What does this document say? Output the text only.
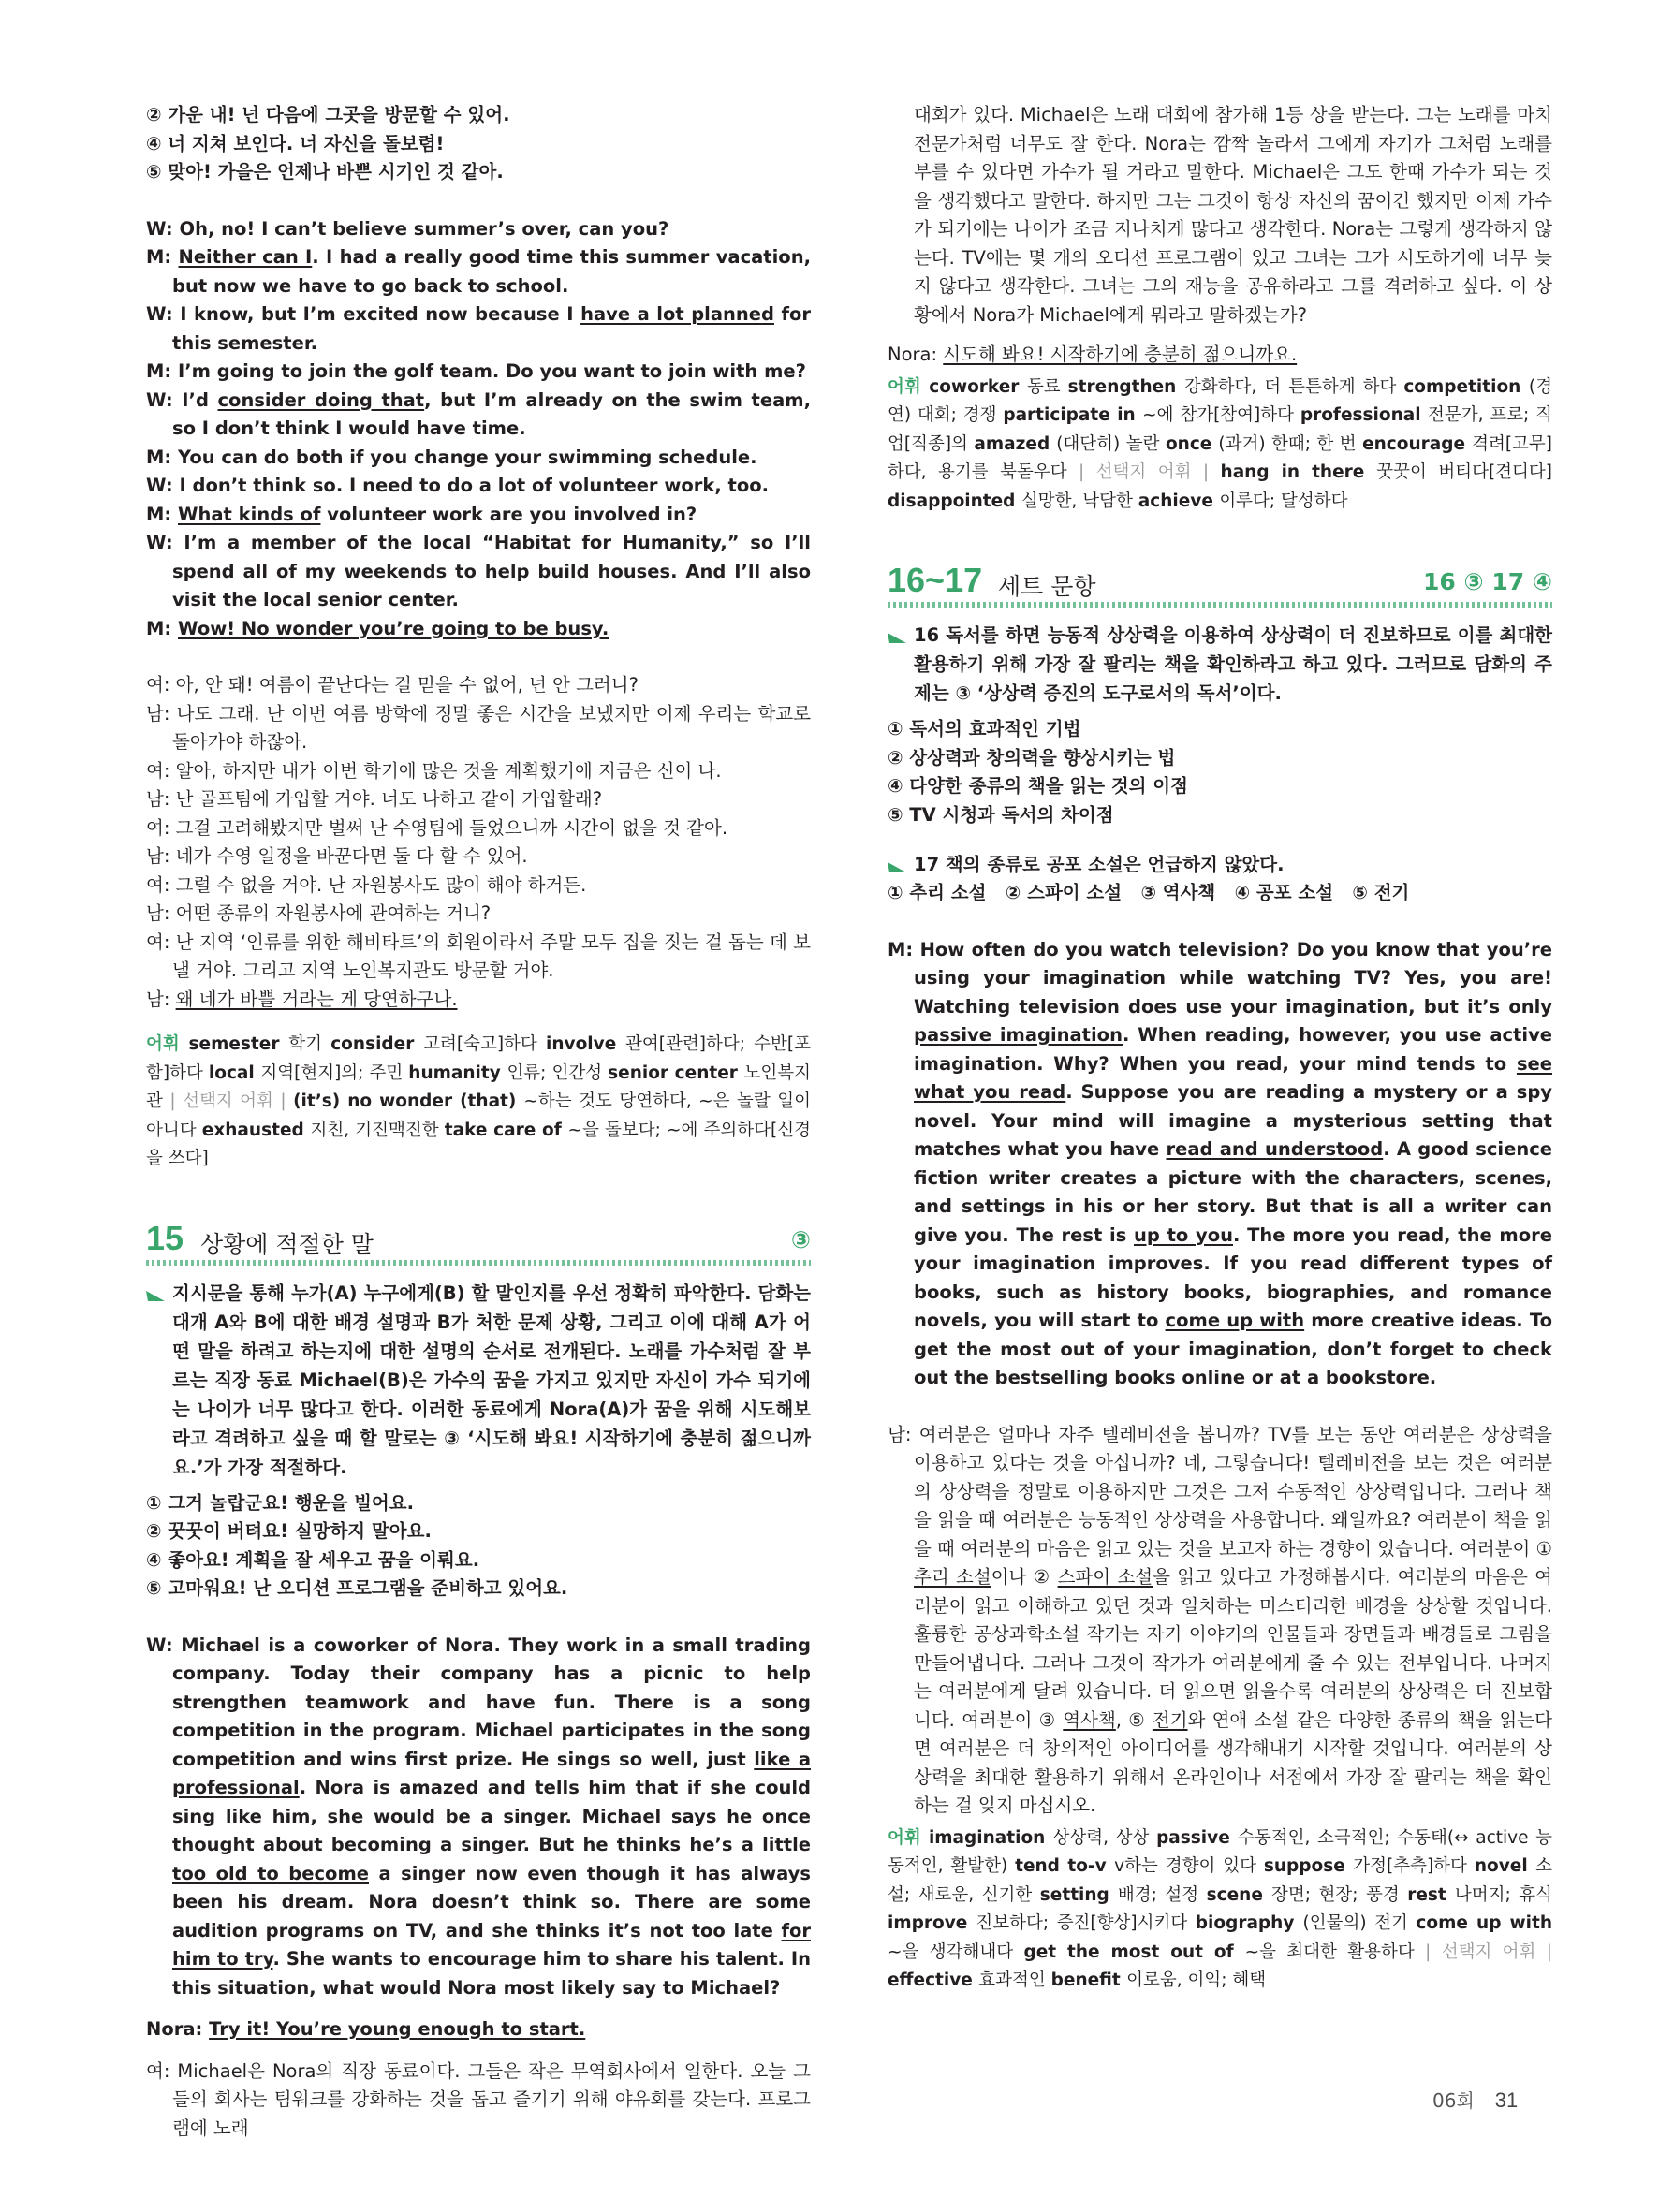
② 가운 내! 넌 다음에 그곳을 방문할 수 있어.
④ 너 지쳐 보인다. 너 자신을 돌보렴!
⑤ 맞아! 가을은 언제나 바쁜 시기인 것 같아.
W: Oh, no! I can’t believe summer’s over, can you?
M: Neither can I. I had a really good time this summer vacation, but now we have to go back to school.
W: I know, but I’m excited now because I have a lot planned for this semester.
M: I’m going to join the golf team. Do you want to join with me?
W: I’d consider doing that, but I’m already on the swim team, so I don’t think I would have time.
M: You can do both if you change your swimming schedule.
W: I don’t think so. I need to do a lot of volunteer work, too.
M: What kinds of volunteer work are you involved in?
W: I’m a member of the local “Habitat for Humanity,” so I’ll spend all of my weekends to help build houses. And I’ll also visit the local senior center.
M: Wow! No wonder you’re going to be busy.
여: 아, 안 돼! 여름이 끝난다는 걸 믿을 수 없어, 넌 안 그러니?
남: 나도 그래. 난 이번 여름 방학에 정말 좋은 시간을 보냈지만 이제 우리는 학교로 돌아가야 하잖아.
여: 알아, 하지만 내가 이번 학기에 많은 것을 계획했기에 지금은 신이 나.
남: 난 골프팀에 가입할 거야. 너도 나하고 같이 가입할래?
여: 그걸 고려해봤지만 벌써 난 수영팀에 들었으니까 시간이 없을 것 같아.
남: 네가 수영 일정을 바꾼다면 둘 다 할 수 있어.
여: 그럴 수 없을 거야. 난 자원봉사도 많이 해야 하거든.
남: 어떤 종류의 자원봉사에 관여하는 거니?
여: 난 지역 ‘인류를 위한 해비타트’의 회원이라서 주말 모두 집을 짓는 걸 돕는 데 보낼 거야. 그리고 지역 노인복지관도 방문할 거야.
남: 왜 네가 바쁠 거라는 게 당연하구나.
어휘 semester 학기 consider 고려[숙고]하다 involve 관여[관련]하다; 수반[포함]하다 local 지역[현지]의; 주민 humanity 인류; 인간성 senior center 노인복지관 | 선택지 어휘 | (it’s) no wonder (that) ~하는 것도 당연하다, ~은 놀랄 일이 아니다 exhausted 지친, 기진맥진한 take care of ~을 돌보다; ~에 주의하다[신경을 쓰다]
15 상황에 적절한 말	③
지시문을 통해 누가(A) 누구에게(B) 할 말인지를 우선 정확히 파악한다. 담화는 대개 A와 B에 대한 배경 설명과 B가 처한 문제 상황, 그리고 이에 대해 A가 어떤 말을 하려고 하는지에 대한 설명의 순서로 전개된다. 노래를 가수처럼 잘 부르는 직장 동료 Michael(B)은 가수의 꿈을 가지고 있지만 자신이 가수 되기에는 나이가 너무 많다고 한다. 이러한 동료에게 Nora(A)가 꿈을 위해 시도해보라고 격려하고 싶을 때 할 말로는 ③ ‘시도해 봐요! 시작하기에 충분히 젊으니까요.’가 가장 적절하다.
① 그거 놀랍군요! 행운을 빌어요.
② 꿋꿋이 버텨요! 실망하지 말아요.
④ 좋아요! 계획을 잘 세우고 꿈을 이뤄요.
⑤ 고마워요! 난 오디션 프로그램을 준비하고 있어요.
W: Michael is a coworker of Nora. They work in a small trading company. Today their company has a picnic to help strengthen teamwork and have fun. There is a song competition in the program. Michael participates in the song competition and wins first prize. He sings so well, just like a professional. Nora is amazed and tells him that if she could sing like him, she would be a singer. Michael says he once thought about becoming a singer. But he thinks he’s a little too old to become a singer now even though it has always been his dream. Nora doesn’t think so. There are some audition programs on TV, and she thinks it’s not too late for him to try. She wants to encourage him to share his talent. In this situation, what would Nora most likely say to Michael?
Nora: Try it! You’re young enough to start.
여: Michael은 Nora의 직장 동료이다. 그들은 작은 무역회사에서 일한다. 오늘 그들의 회사는 팀워크를 강화하는 것을 돕고 즐기기 위해 야유회를 갖는다. 프로그램에 노래
대회가 있다. Michael은 노래 대회에 참가해 1등 상을 받는다. 그는 노래를 마치 전문가처럼 너무도 잘 한다. Nora는 깜짝 놀라서 그에게 자기가 그처럼 노래를 부를 수 있다면 가수가 될 거라고 말한다. Michael은 그도 한때 가수가 되는 것을 생각했다고 말한다. 하지만 그는 그것이 항상 자신의 꿈이긴 했지만 이제 가수가 되기에는 나이가 조금 지나치게 많다고 생각한다. Nora는 그렇게 생각하지 않는다. TV에는 몇 개의 오디션 프로그램이 있고 그녀는 그가 시도하기에 너무 늦지 않다고 생각한다. 그녀는 그의 재능을 공유하라고 그를 격려하고 싶다. 이 상황에서 Nora가 Michael에게 뭐라고 말하겠는가?
Nora: 시도해 봐요! 시작하기에 충분히 젊으니까요.
어휘 coworker 동료 strengthen 강화하다, 더 튼튼하게 하다 competition (경연) 대회; 경쟁 participate in ~에 참가[참여]하다 professional 전문가, 프로; 직업[직종]의 amazed (대단히) 놀란 once (과거) 한때; 한 번 encourage 격려[고무]하다, 용기를 북돋우다 | 선택지 어휘 | hang in there 꿋꿋이 버티다[견디다] disappointed 실망한, 낙담한 achieve 이루다; 달성하다
16~17 세트 문항	16 ③ 17 ④
16 독서를 하면 능동적 상상력을 이용하여 상상력이 더 진보하므로 이를 최대한 활용하기 위해 가장 잘 팔리는 책을 확인하라고 하고 있다. 그러므로 담화의 주제는 ③ ‘상상력 증진의 도구로서의 독서’이다.
① 독서의 효과적인 기법
② 상상력과 창의력을 향상시키는 법
④ 다양한 종류의 책을 읽는 것의 이점
⑤ TV 시청과 독서의 차이점
17 책의 종류로 공포 소설은 언급하지 않았다.
① 추리 소설   ② 스파이 소설   ③ 역사책   ④ 공포 소설   ⑤ 전기
M: How often do you watch television? Do you know that you’re using your imagination while watching TV? Yes, you are! Watching television does use your imagination, but it’s only passive imagination. When reading, however, you use active imagination. Why? When you read, your mind tends to see what you read. Suppose you are reading a mystery or a spy novel. Your mind will imagine a mysterious setting that matches what you have read and understood. A good science fiction writer creates a picture with the characters, scenes, and settings in his or her story. But that is all a writer can give you. The rest is up to you. The more you read, the more your imagination improves. If you read different types of books, such as history books, biographies, and romance novels, you will start to come up with more creative ideas. To get the most out of your imagination, don’t forget to check out the bestselling books online or at a bookstore.
남: 여러분은 얼마나 자주 텔레비전을 봅니까? TV를 보는 동안 여러분은 상상력을 이용하고 있다는 것을 아십니까? 네, 그렇습니다! 텔레비전을 보는 것은 여러분의 상상력을 정말로 이용하지만 그것은 그저 수동적인 상상력입니다. 그러나 책을 읽을 때 여러분은 능동적인 상상력을 사용합니다. 왜일까요? 여러분이 책을 읽을 때 여러분의 마음은 읽고 있는 것을 보고자 하는 경향이 있습니다. 여러분이 ① 추리 소설이나 ② 스파이 소설을 읽고 있다고 가정해봅시다. 여러분의 마음은 여러분이 읽고 이해하고 있던 것과 일치하는 미스터리한 배경을 상상할 것입니다. 훌륭한 공상과학소설 작가는 자기 이야기의 인물들과 장면들과 배경들로 그림을 만들어냅니다. 그러나 그것이 작가가 여러분에게 줄 수 있는 전부입니다. 나머지는 여러분에게 달려 있습니다. 더 읽으면 읽을수록 여러분의 상상력은 더 진보합니다. 여러분이 ③ 역사책, ⑤ 전기와 연애 소설 같은 다양한 종류의 책을 읽는다면 여러분은 더 창의적인 아이디어를 생각해내기 시작할 것입니다. 여러분의 상상력을 최대한 활용하기 위해서 온라인이나 서점에서 가장 잘 팔리는 책을 확인하는 걸 잊지 마십시오.
어휘 imagination 상상력, 상상 passive 수동적인, 소극적인; 수동태(↔ active 능동적인, 활발한) tend to-v v하는 경향이 있다 suppose 가정[추측]하다 novel 소설; 새로운, 신기한 setting 배경; 설정 scene 장면; 현장; 풍경 rest 나머지; 휴식 improve 진보하다; 증진[향상]시키다 biography (인물의) 전기 come up with ~을 생각해내다 get the most out of ~을 최대한 활용하다 | 선택지 어휘 | effective 효과적인 benefit 이로움, 이익; 혜택
06회 31
